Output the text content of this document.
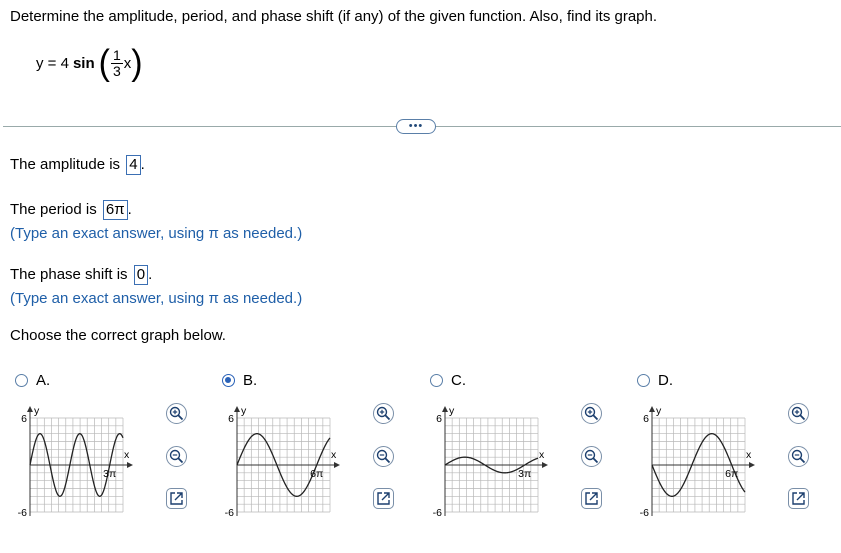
Determine the amplitude, period, and phase shift (if any) of the given function. Also, find its graph.
y = 4 sin ( $\frac{1}{3}$ x )
•••
The amplitude is 4 .
The period is 6π .
(Type an exact answer, using π as needed.)
The phase shift is 0 .
(Type an exact answer, using π as needed.)
Choose the correct graph below.
A.
y
6
-6
x
3π
B.
y
6
-6
x
6π
C.
y
6
-6
x
3π
D.
y
6
-6
x
6π
